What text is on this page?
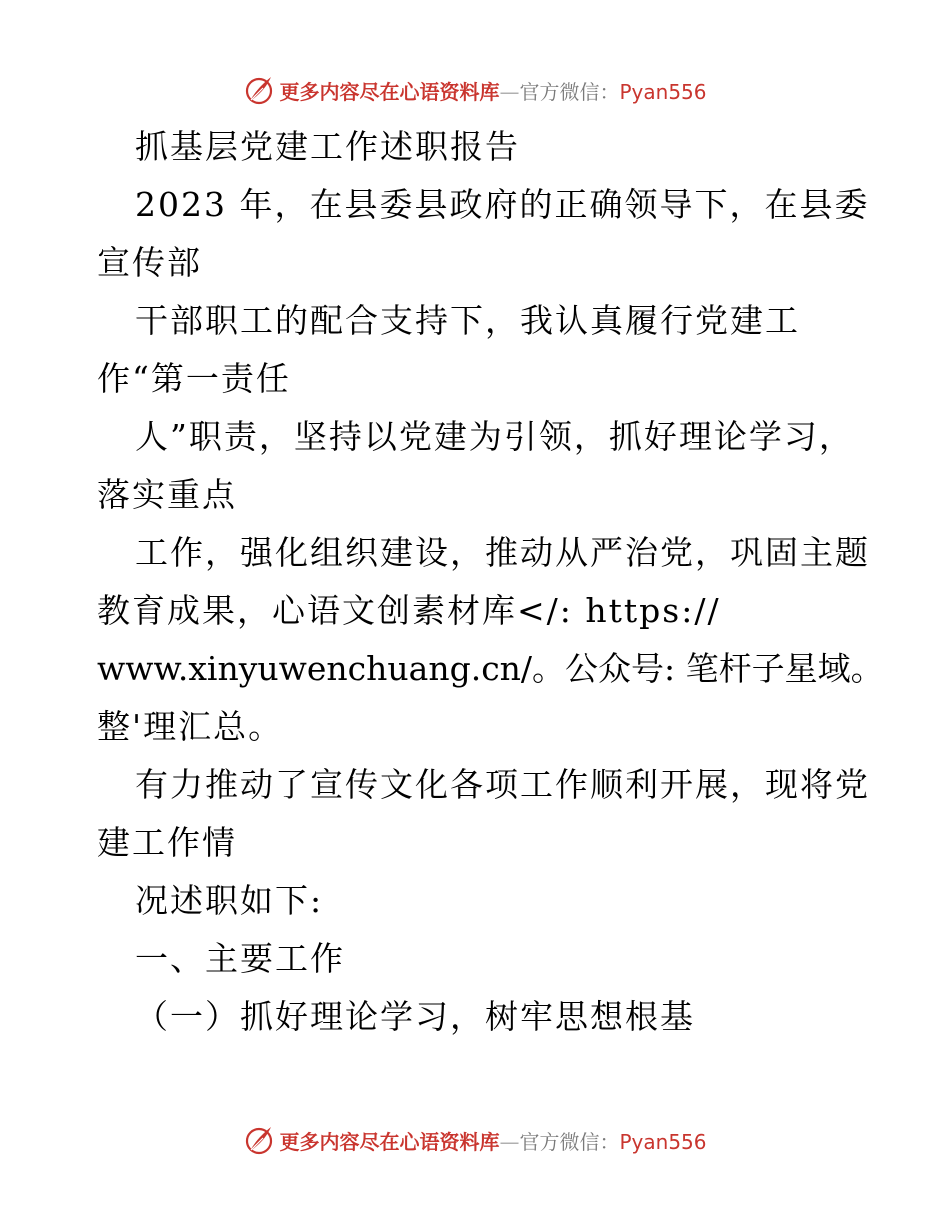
更多内容尽在心语资料库—官方微信：Pyan556
抓基层党建工作述职报告
2023 年，在县委县政府的正确领导下，在县委
宣传部
干部职工的配合支持下，我认真履行党建工
作“第一责任
人”职责，坚持以党建为引领，抓好理论学习，
落实重点
工作，强化组织建设，推动从严治党，巩固主题
教育成果，心语文创素材库</: https://
www.xinyuwenchuang.cn/。公众号: 笔杆子星域。
整'理汇总。
有力推动了宣传文化各项工作顺利开展，现将党
建工作情
况述职如下:
一、主要工作
（一）抓好理论学习，树牢思想根基
更多内容尽在心语资料库—官方微信：Pyan556
